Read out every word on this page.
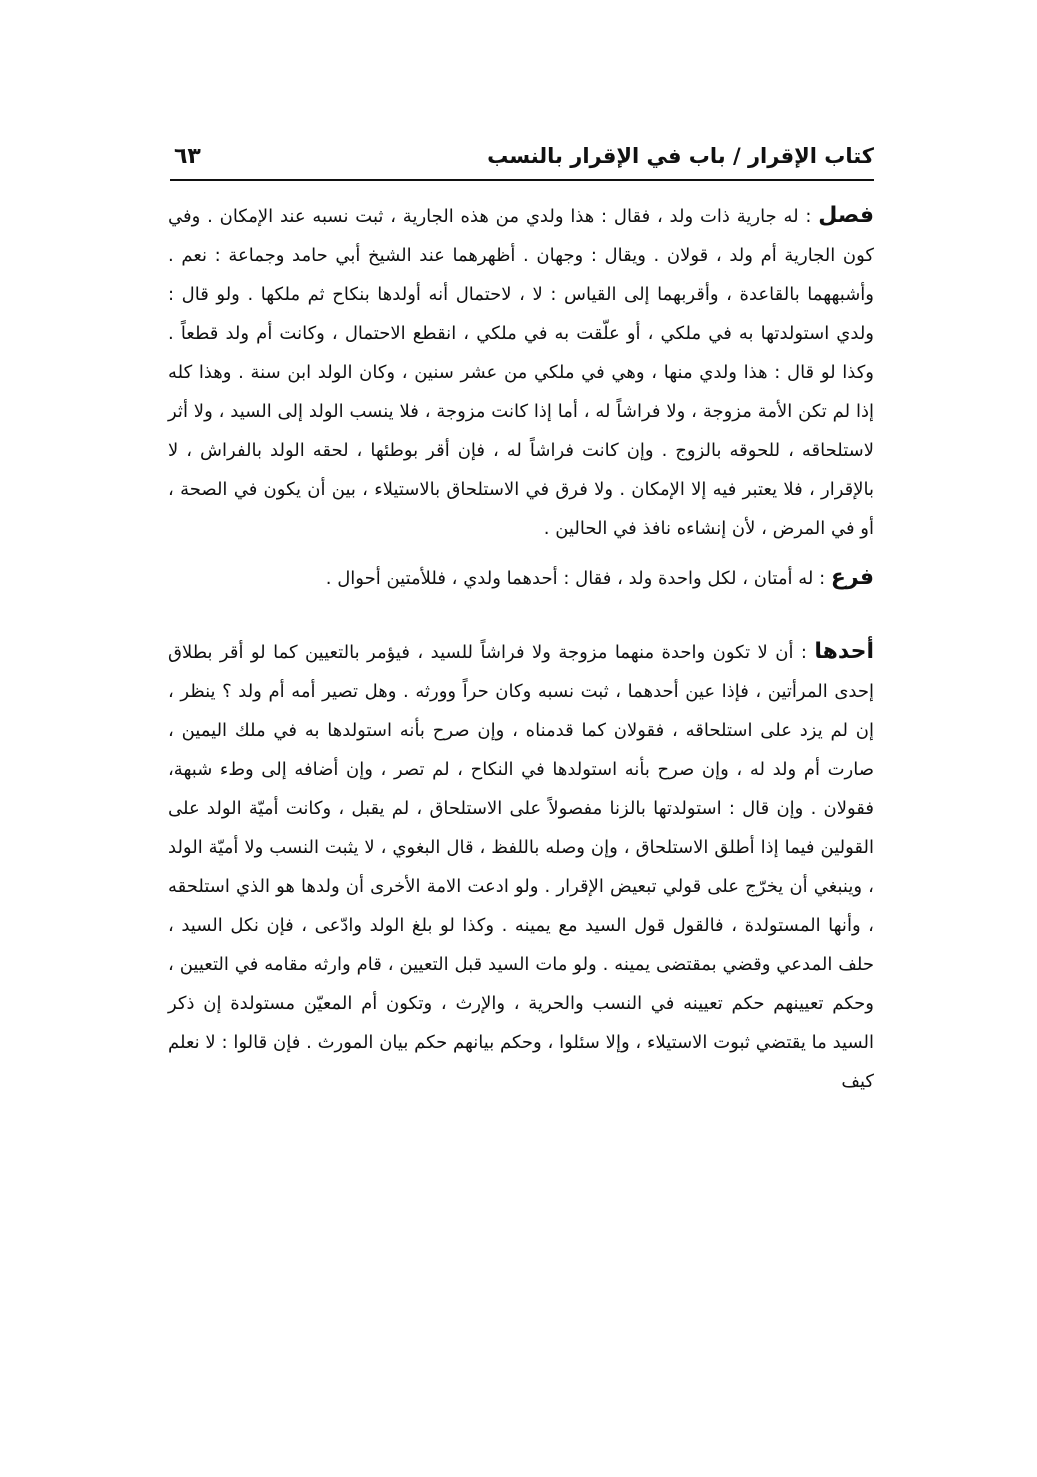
كتاب الإقرار / باب في الإقرار بالنسب
٦٣

فصل : له جارية ذات ولد ، فقال : هذا ولدي من هذه الجارية ، ثبت نسبه عند الإمكان . وفي كون الجارية أم ولد ، قولان . ويقال : وجهان . أظهرهما عند الشيخ أبي حامد وجماعة : نعم . وأشبههما بالقاعدة ، وأقربهما إلى القياس : لا ، لاحتمال أنه أولدها بنكاح ثم ملكها . ولو قال : ولدي استولدتها به في ملكي ، أو علّقت به في ملكي ، انقطع الاحتمال ، وكانت أم ولد قطعاً . وكذا لو قال : هذا ولدي منها ، وهي في ملكي من عشر سنين ، وكان الولد ابن سنة . وهذا كله إذا لم تكن الأمة مزوجة ، ولا فراشاً له ، أما إذا كانت مزوجة ، فلا ينسب الولد إلى السيد ، ولا أثر لاستلحاقه ، للحوقه بالزوج . وإن كانت فراشاً له ، فإن أقر بوطئها ، لحقه الولد بالفراش ، لا بالإقرار ، فلا يعتبر فيه إلا الإمكان . ولا فرق في الاستلحاق بالاستيلاء ، بين أن يكون في الصحة ، أو في المرض ، لأن إنشاءه نافذ في الحالين .

فرع : له أمتان ، لكل واحدة ولد ، فقال : أحدهما ولدي ، فللأمتين أحوال .

أحدها : أن لا تكون واحدة منهما مزوجة ولا فراشاً للسيد ، فيؤمر بالتعيين كما لو أقر بطلاق إحدى المرأتين ، فإذا عين أحدهما ، ثبت نسبه وكان حراً وورثه . وهل تصير أمه أم ولد ؟ ينظر ، إن لم يزد على استلحاقه ، فقولان كما قدمناه ، وإن صرح بأنه استولدها به في ملك اليمين ، صارت أم ولد له ، وإن صرح بأنه استولدها في النكاح ، لم تصر ، وإن أضافه إلى وطء شبهة، فقولان . وإن قال : استولدتها بالزنا مفصولاً على الاستلحاق ، لم يقبل ، وكانت أميّة الولد على القولين فيما إذا أطلق الاستلحاق ، وإن وصله باللفظ ، قال البغوي ، لا يثبت النسب ولا أميّة الولد ، وينبغي أن يخرّج على قولي تبعيض الإقرار . ولو ادعت الامة الأخرى أن ولدها هو الذي استلحقه ، وأنها المستولدة ، فالقول قول السيد مع يمينه . وكذا لو بلغ الولد وادّعى ، فإن نكل السيد ، حلف المدعي وقضي بمقتضى يمينه . ولو مات السيد قبل التعيين ، قام وارثه مقامه في التعيين ، وحكم تعيينهم حكم تعيينه في النسب والحرية ، والإرث ، وتكون أم المعيّن مستولدة إن ذكر السيد ما يقتضي ثبوت الاستيلاء ، وإلا سئلوا ، وحكم بيانهم حكم بيان المورث . فإن قالوا : لا نعلم كيف
